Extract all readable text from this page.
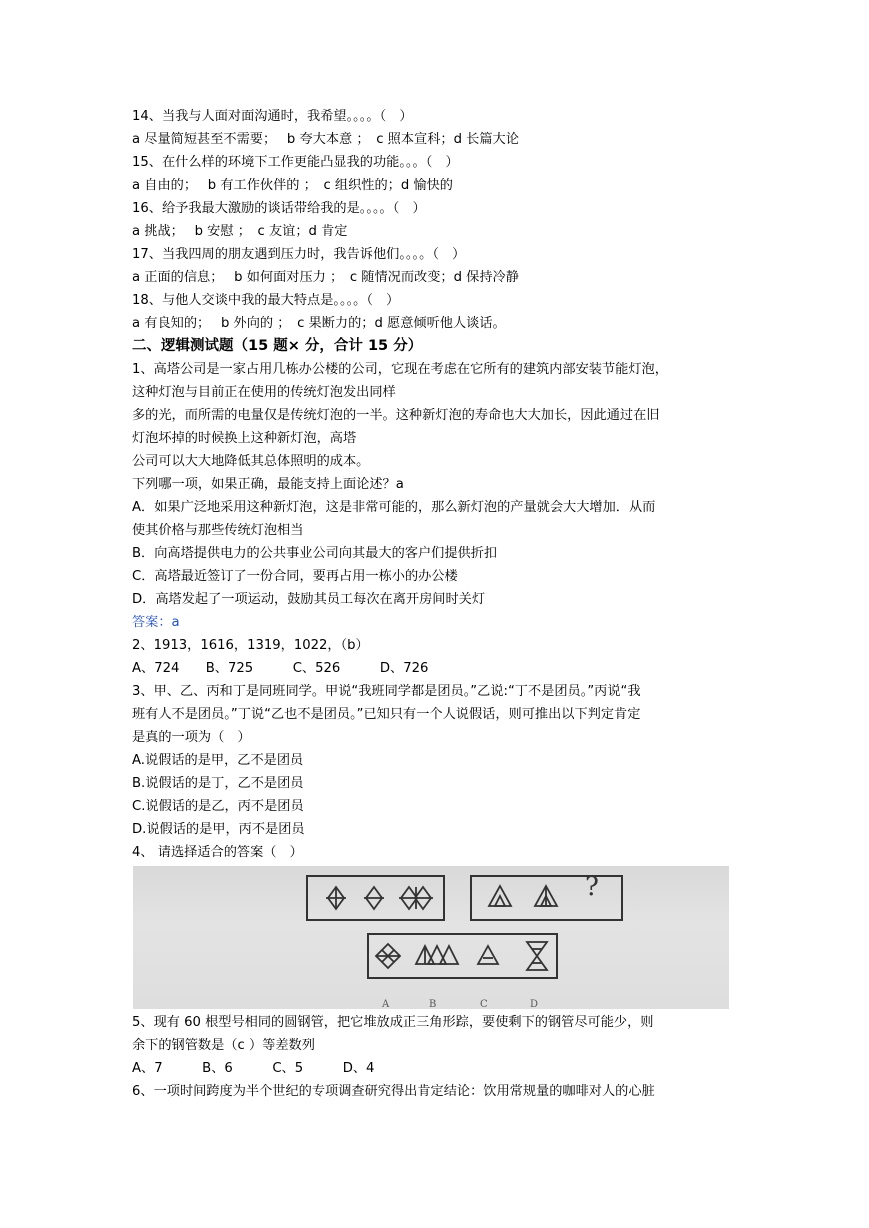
14、当我与人面对面沟通时，我希望。。。。（　）
a 尽量简短甚至不需要；　 b 夸大本意 ；　c 照本宣科；d 长篇大论
15、在什么样的环境下工作更能凸显我的功能。。。（　）
a 自由的；　 b 有工作伙伴的 ；　c 组织性的；d 愉快的
16、给予我最大激励的谈话带给我的是。。。。（　）
a 挑战；　 b 安慰 ；　c 友谊；d 肯定
17、当我四周的朋友遇到压力时，我告诉他们。。。。（　）
a 正面的信息；　 b 如何面对压力 ；　c 随情况而改变；d 保持冷静
18、与他人交谈中我的最大特点是。。。。（　）
a 有良知的；　 b 外向的 ；　c 果断力的；d 愿意倾听他人谈话。
二、逻辑测试题（15 题× 分，合计 15 分）
1、高塔公司是一家占用几栋办公楼的公司，它现在考虑在它所有的建筑内部安装节能灯泡，
这种灯泡与目前正在使用的传统灯泡发出同样
多的光，而所需的电量仅是传统灯泡的一半。这种新灯泡的寿命也大大加长，因此通过在旧
灯泡坏掉的时候换上这种新灯泡，高塔
公司可以大大地降低其总体照明的成本。
下列哪一项，如果正确，最能支持上面论述？a
A．如果广泛地采用这种新灯泡，这是非常可能的，那么新灯泡的产量就会大大增加．从而
使其价格与那些传统灯泡相当
B．向高塔提供电力的公共事业公司向其最大的客户们提供折扣
C．高塔最近签订了一份合同，要再占用一栋小的办公楼
D．高塔发起了一项运动，鼓励其员工每次在离开房间时关灯
答案：a
2、1913，1616，1319，1022，（b）
A、724　　B、725　　　C、526　　　D、726
3、甲、乙、丙和丁是同班同学。甲说“我班同学都是团员。”乙说:“丁不是团员。”丙说“我
班有人不是团员。”丁说“乙也不是团员。”已知只有一个人说假话，则可推出以下判定肯定
是真的一项为（　）
A.说假话的是甲，乙不是团员
B.说假话的是丁，乙不是团员
C.说假话的是乙，丙不是团员
D.说假话的是甲，丙不是团员
4、 请选择适合的答案（　）
?
A	B	C	D
5、现有 60 根型号相同的圆钢管，把它堆放成正三角形踪，要使剩下的钢管尽可能少，则
余下的钢管数是（c ）等差数列
A、7　　　B、6　　　C、5　　　D、4
6、一项时间跨度为半个世纪的专项调查研究得出肯定结论：饮用常规量的咖啡对人的心脏
